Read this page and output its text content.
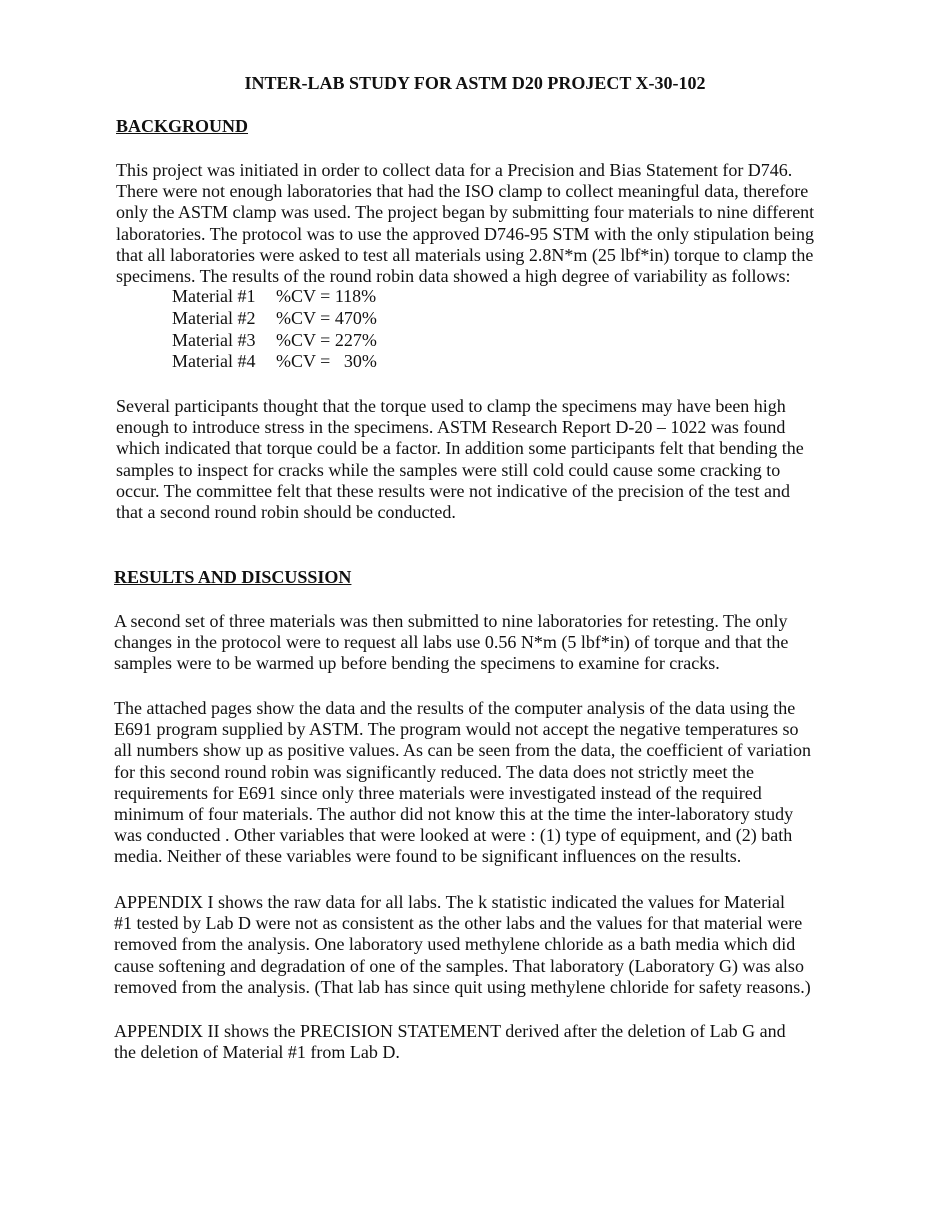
INTER-LAB STUDY FOR ASTM D20 PROJECT X-30-102
BACKGROUND
This project was initiated in order to collect data for a Precision and Bias Statement for D746.
There were not enough laboratories that had the ISO clamp to collect meaningful data, therefore
only the ASTM clamp was used. The project began by submitting four materials to nine different
laboratories. The protocol was to use the approved D746-95 STM with the only stipulation being
that all laboratories were asked to test all materials using 2.8N*m (25 lbf*in) torque to clamp the
specimens. The results of the round robin data showed a high degree of variability as follows:
Material #1	%CV = 118%
Material #2	%CV = 470%
Material #3	%CV = 227%
Material #4	%CV =   30%
Several participants thought that the torque used to clamp the specimens may have been high
enough to introduce stress in the specimens. ASTM Research Report D-20 – 1022 was found
which indicated that torque could be a factor. In addition some participants felt that bending the
samples to inspect for cracks while the samples were still cold could cause some cracking to
occur. The committee felt that these results were not indicative of the precision of the test and
that a second round robin should be conducted.
RESULTS AND DISCUSSION
A second set of three materials was then submitted to nine laboratories for retesting. The only
changes in the protocol were to request all labs use 0.56 N*m (5 lbf*in) of torque and that the
samples were to be warmed up before bending the specimens to examine for cracks.
The attached pages show the data and the results of the computer analysis of the data using the
E691 program supplied by ASTM. The program would not accept the negative temperatures so
all numbers show up as positive values. As can be seen from the data, the coefficient of variation
for this second round robin was significantly reduced. The data does not strictly meet the
requirements for E691 since only three materials were investigated instead of the required
minimum of four materials. The author did not know this at the time the inter-laboratory study
was conducted . Other variables that were looked at were : (1) type of equipment, and (2) bath
media. Neither of these variables were found to be significant influences on the results.
APPENDIX I shows the raw data for all labs. The k statistic indicated the values for Material
#1 tested by Lab D were not as consistent as the other labs and the values for that material were
removed from the analysis. One laboratory used methylene chloride as a bath media which did
cause softening and degradation of one of the samples. That laboratory (Laboratory G) was also
removed from the analysis. (That lab has since quit using methylene chloride for safety reasons.)
APPENDIX II shows the PRECISION STATEMENT derived after the deletion of Lab G and
the deletion of Material #1 from Lab D.
